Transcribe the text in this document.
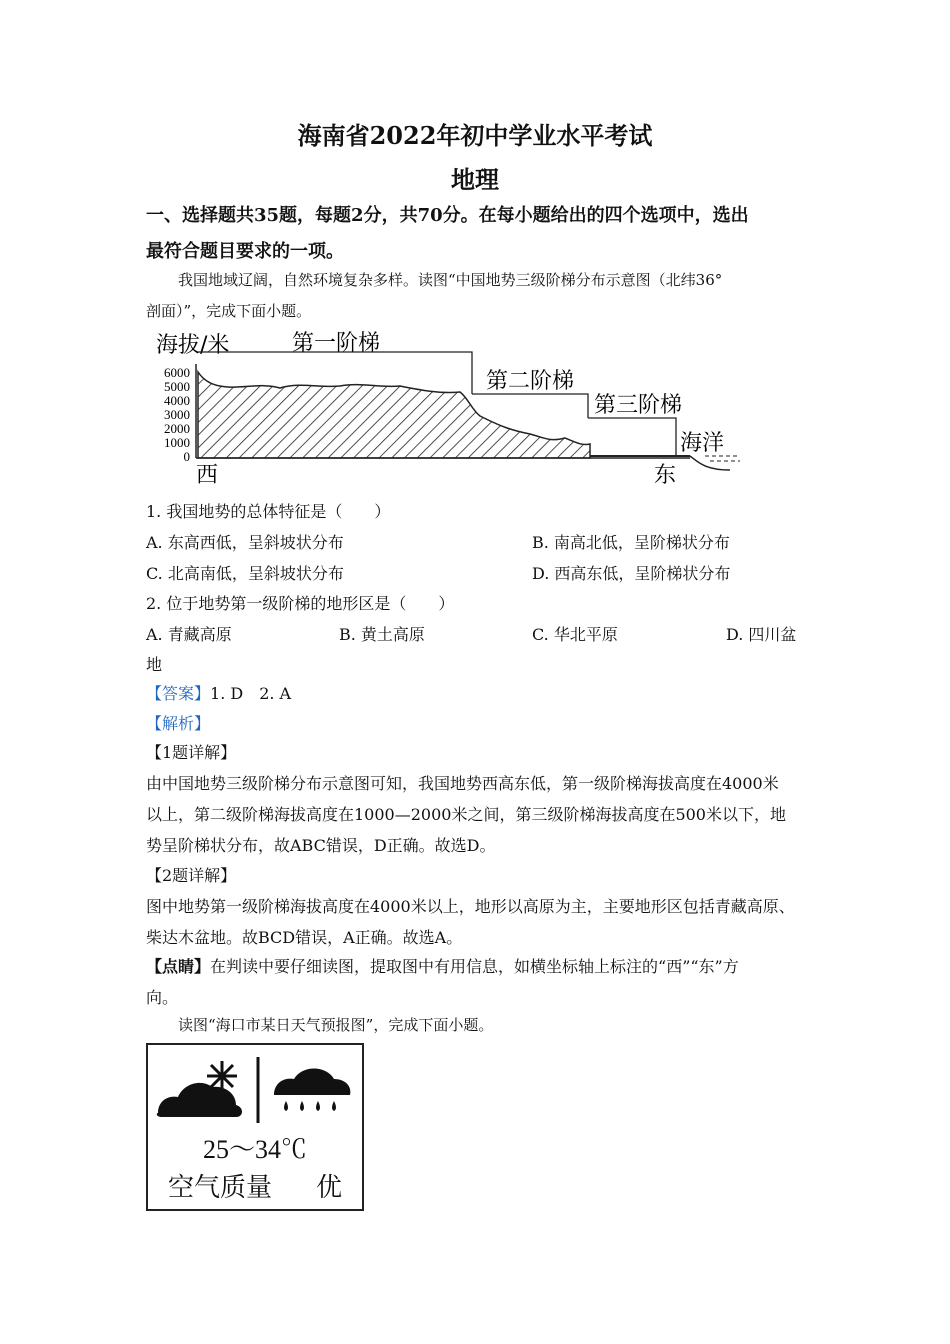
海南省2022年初中学业水平考试
地理
一、选择题共35题，每题2分，共70分。在每小题给出的四个选项中，选出
最符合题目要求的一项。
我国地域辽阔，自然环境复杂多样。读图“中国地势三级阶梯分布示意图（北纬36°
剖面）”，完成下面小题。
海拔/米
6000
5000
4000
3000
2000
1000
0
第一阶梯
第二阶梯
第三阶梯
海洋
西	东
1. 我国地势的总体特征是（　　）
A. 东高西低，呈斜坡状分布	B. 南高北低，呈阶梯状分布
C. 北高南低，呈斜坡状分布	D. 西高东低，呈阶梯状分布
2. 位于地势第一级阶梯的地形区是（　　）
A. 青藏高原	B. 黄土高原	C. 华北平原	D. 四川盆
地
【答案】1. D　2. A
【解析】
【1题详解】
由中国地势三级阶梯分布示意图可知，我国地势西高东低，第一级阶梯海拔高度在4000米
以上，第二级阶梯海拔高度在1000—2000米之间，第三级阶梯海拔高度在500米以下，地
势呈阶梯状分布，故ABC错误，D正确。故选D。
【2题详解】
图中地势第一级阶梯海拔高度在4000米以上，地形以高原为主，主要地形区包括青藏高原、
柴达木盆地。故BCD错误，A正确。故选A。
【点睛】在判读中要仔细读图，提取图中有用信息，如横坐标轴上标注的“西”“东”方
向。
读图“海口市某日天气预报图”，完成下面小题。
25～34℃
空气质量 优
